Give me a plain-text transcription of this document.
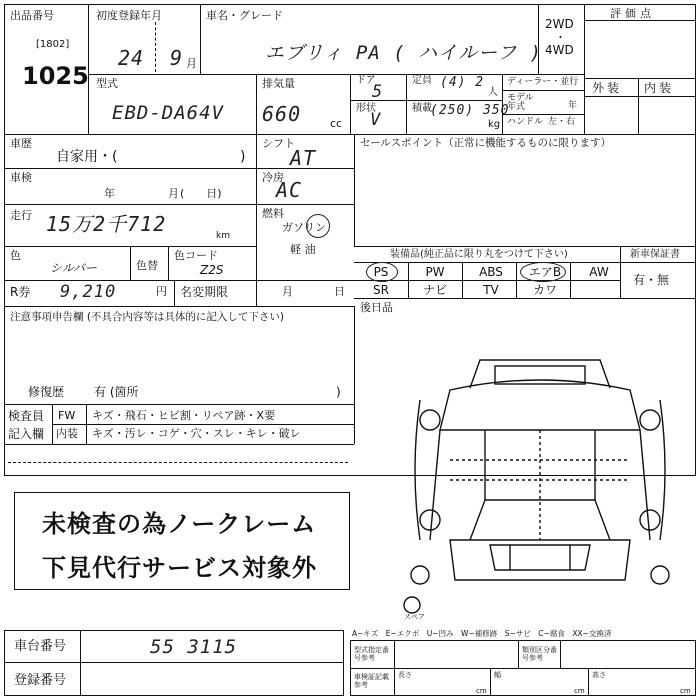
出品番号
[1802]
1025
初度登録年月
24 9 月
車名・グレード
エブリィ PA ( ハイルーフ )
2WD
・
4WD
評価点
外装 内装
型式
EBD-DA64V
排気量
660	cc
ドア
5
定員 (4) 2
人
形状
V
積載
(250) 350
kg
ディーラー・並行
モデル年式	年
ハンドル 左・右
車歴
自家用・(	)
シフト
AT
セールスポイント（正常に機能するものに限ります）
車検
年	月 (　　日)
冷房
AC
走行 15万2千712	km
燃料
ガソリン
軽 油
色
シルバー	色替
色コード
Z2S
装備品(純正品に限り丸をつけて下さい)	新車保証書
有・無
PS	PW	ABS	エアB	AW
SR	ナビ	TV	カワ
後日品
R券 9,210	円 名変期限	月	日
注意事項申告欄 (不具合内容等は具体的に記入して下さい)
修復歴 有 (箇所	)
検査員
記入欄
FW キズ・飛石・ヒビ割・リペア跡・X要
内装 キズ・汚レ・コゲ・穴・スレ・キレ・破レ
未検査の為ノークレーム
下見代行サービス対象外
スペア
A−キズ　E−エクボ　U−凹み　W−補修跡　S−サビ　C−腐食　XX−交換済
車台番号	55 3115
登録番号
型式指定番号参考
類別区分番号参考
車検証記載参考
長さ	幅	高さ
cm	cm	cm
